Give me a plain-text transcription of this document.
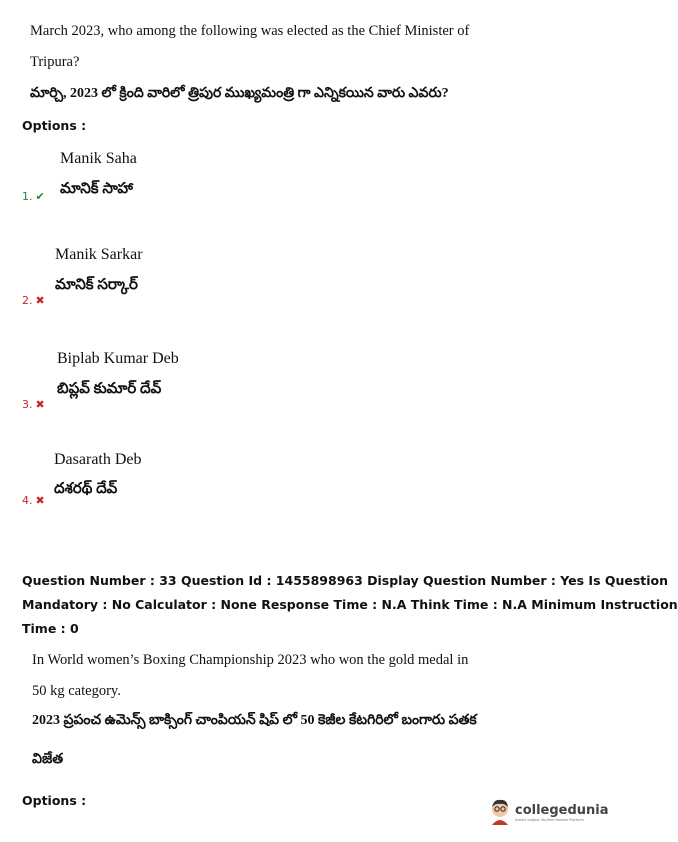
March 2023, who among the following was elected as the Chief Minister of
Tripura?
మార్చి, 2023 లో క్రింది వారిలో త్రిపుర ముఖ్యమంత్రి గా ఎన్నికయిన వారు ఎవరు?
Options :
Manik Saha
మానిక్ సాహా
1. ✔
Manik Sarkar
మానిక్ సర్కార్
2. ✖
Biplab Kumar Deb
బిప్లవ్ కుమార్ దేవ్
3. ✖
Dasarath Deb
దశరథ్ దేవ్
4. ✖
Question Number : 33 Question Id : 1455898963 Display Question Number : Yes Is Question
Mandatory : No Calculator : None Response Time : N.A Think Time : N.A Minimum Instruction
Time : 0
In World women’s Boxing Championship 2023 who won the gold medal in
50 kg category.
2023 ప్రపంచ ఉమెన్స్ బాక్సింగ్ చాంపియన్ షిప్ లో 50 కెజీల కేటగిరిలో బంగారు పతక
విజేత
Options :
collegedunia
India's largest Student Review Platform
